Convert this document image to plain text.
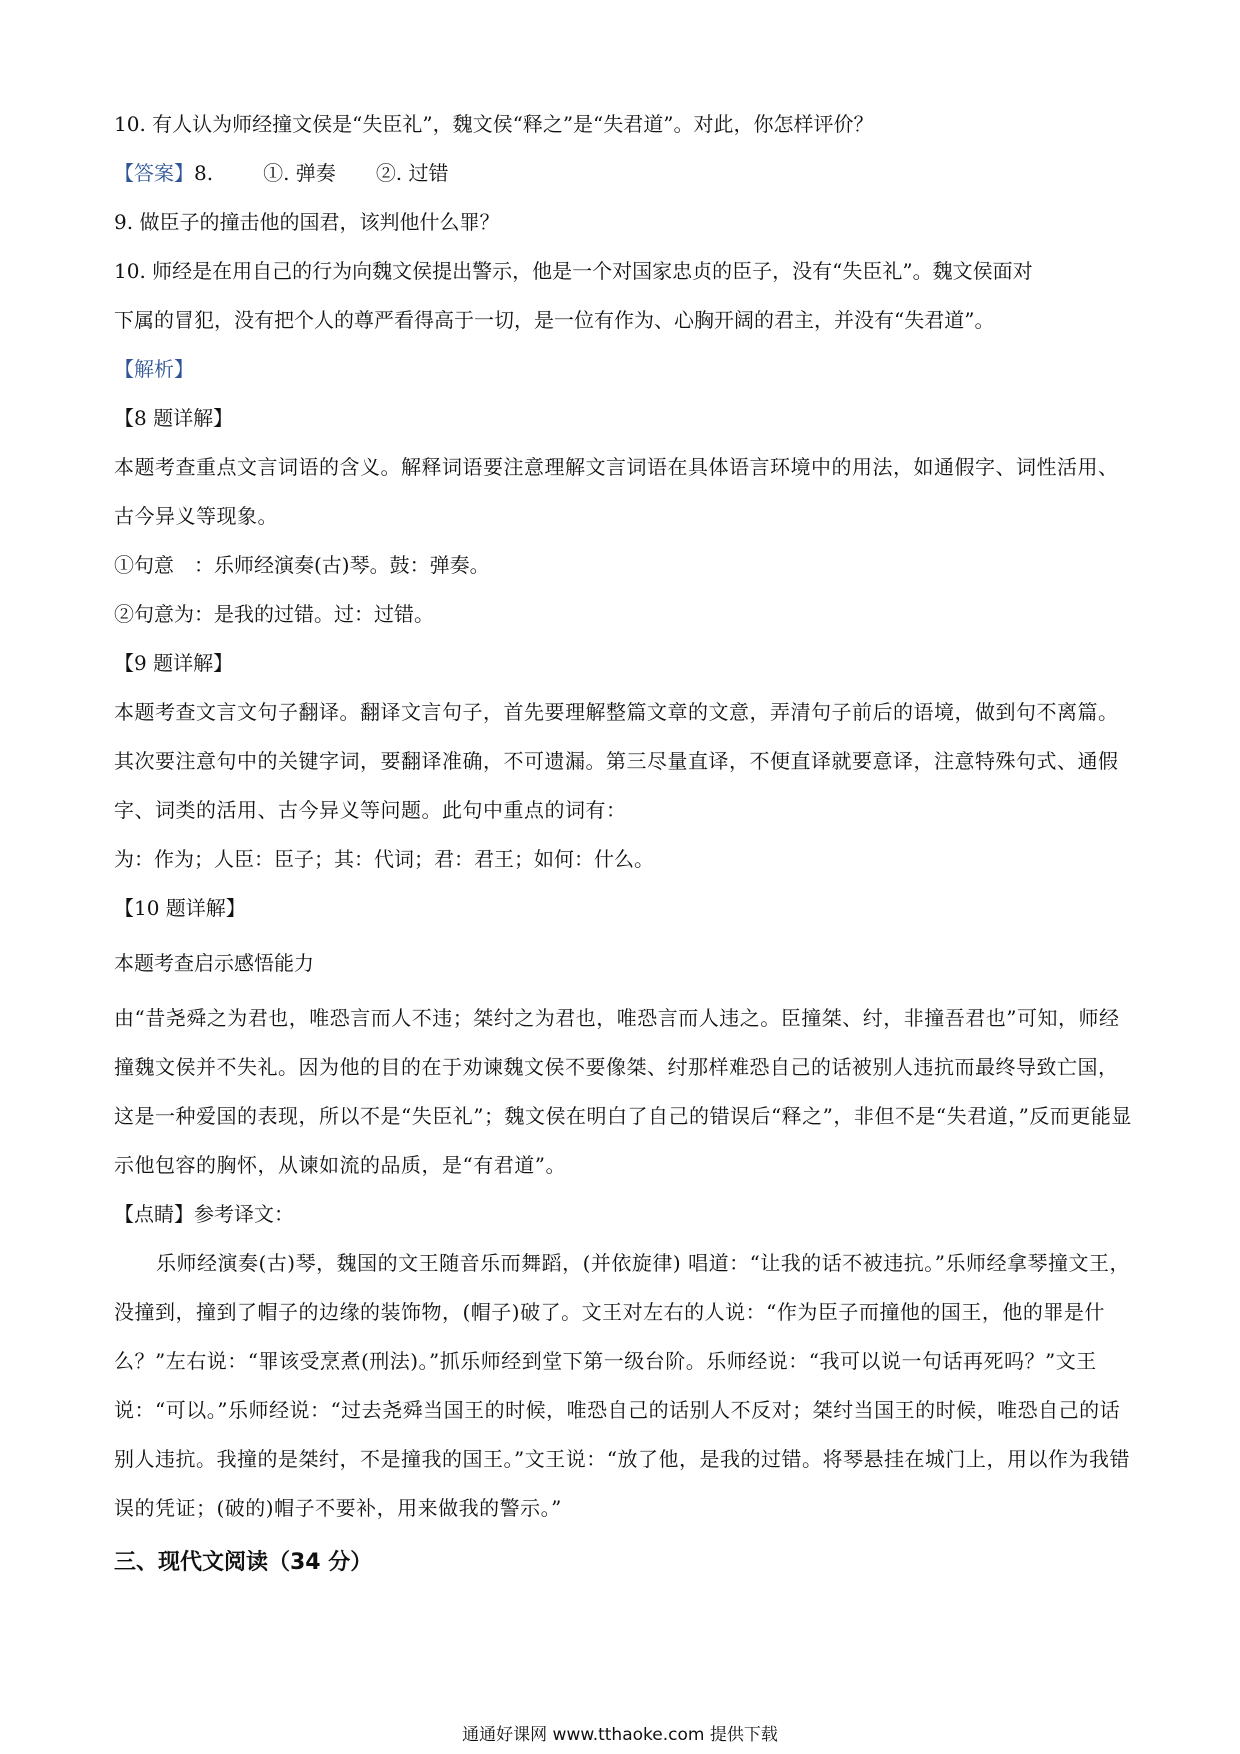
10. 有人认为师经撞文侯是“失臣礼”，魏文侯“释之”是“失君道”。对此，你怎样评价？
【答案】8.	①. 弹奏 ②. 过错
9. 做臣子的撞击他的国君，该判他什么罪？
10. 师经是在用自己的行为向魏文侯提出警示，他是一个对国家忠贞的臣子，没有“失臣礼”。魏文侯面对
下属的冒犯，没有把个人的尊严看得高于一切，是一位有作为、心胸开阔的君主，并没有“失君道”。
【解析】
【8 题详解】
本题考查重点文言词语的含义。解释词语要注意理解文言词语在具体语言环境中的用法，如通假字、词性活用、古今异义等现象。
①句意　：乐师经演奏(古)琴。鼓：弹奏。
②句意为：是我的过错。过：过错。
【9 题详解】
本题考查文言文句子翻译。翻译文言句子，首先要理解整篇文章的文意，弄清句子前后的语境，做到句不离篇。其次要注意句中的关键字词，要翻译准确，不可遗漏。第三尽量直译，不便直译就要意译，注意特殊句式、通假字、词类的活用、古今异义等问题。此句中重点的词有：
为：作为；人臣：臣子；其：代词；君：君王；如何：什么。
【10 题详解】
本题考查启示感悟能力
由“昔尧舜之为君也，唯恐言而人不违；桀纣之为君也，唯恐言而人违之。臣撞桀、纣，非撞吾君也”可知，师经撞魏文侯并不失礼。因为他的目的在于劝谏魏文侯不要像桀、纣那样难恐自己的话被别人违抗而最终导致亡国，这是一种爱国的表现，所以不是“失臣礼”；魏文侯在明白了自己的错误后“释之”，非但不是“失君道，”反而更能显示他包容的胸怀，从谏如流的品质，是“有君道”。
【点睛】参考译文：
乐师经演奏(古)琴，魏国的文王随音乐而舞蹈，(并依旋律) 唱道：“让我的话不被违抗。”乐师经拿琴撞文王，没撞到，撞到了帽子的边缘的装饰物，(帽子)破了。文王对左右的人说：“作为臣子而撞他的国王，他的罪是什么？”左右说：“罪该受烹煮(刑法)。”抓乐师经到堂下第一级台阶。乐师经说：“我可以说一句话再死吗？”文王说：“可以。”乐师经说：“过去尧舜当国王的时候，唯恐自己的话别人不反对；桀纣当国王的时候，唯恐自己的话别人违抗。我撞的是桀纣，不是撞我的国王。”文王说：“放了他，是我的过错。将琴悬挂在城门上，用以作为我错误的凭证；(破的)帽子不要补，用来做我的警示。”
三、现代文阅读（34 分）
通通好课网 www.tthaoke.com 提供下载
